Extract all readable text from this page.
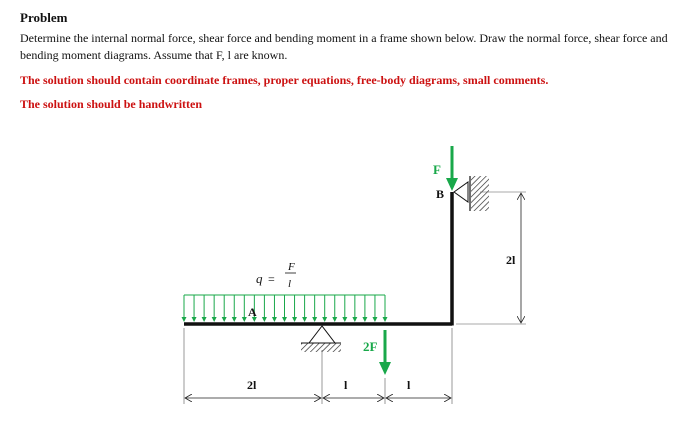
Problem

Determine the internal normal force, shear force and bending moment in a frame shown below. Draw the normal force, shear force and bending moment diagrams. Assume that F, l are known.

The solution should contain coordinate frames, proper equations, free-body diagrams, small comments.

The solution should be handwritten

q =
F
l
A
B
F
2F
2l
2l	l	l
